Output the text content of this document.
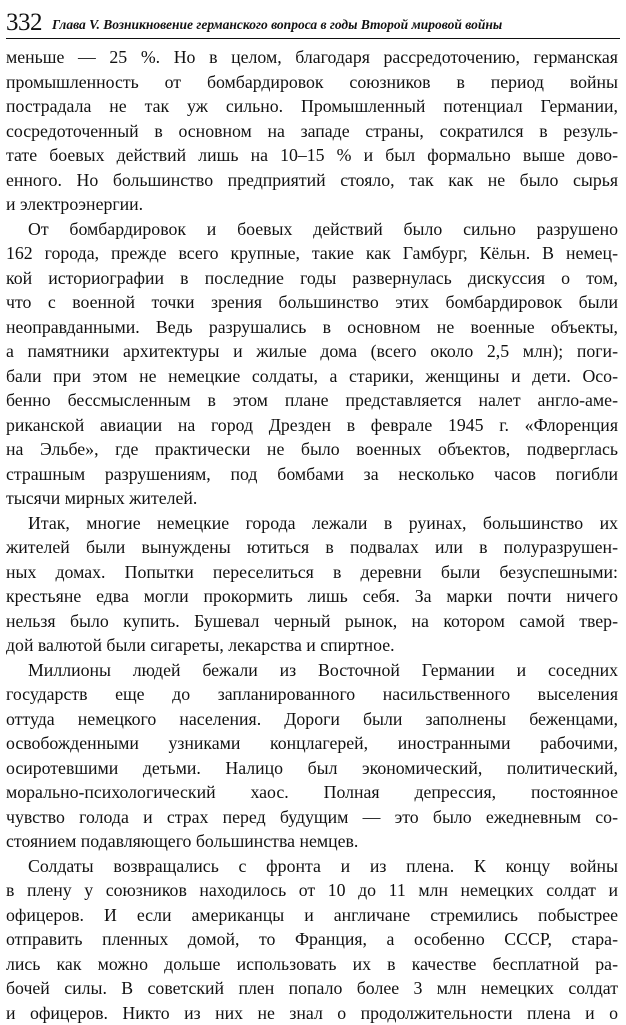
332 Глава V. Возникновение германского вопроса в годы Второй мировой войны
меньше — 25 %. Но в целом, благодаря рассредоточению, германская
промышленность от бомбардировок союзников в период войны
пострадала не так уж сильно. Промышленный потенциал Германии,
сосредоточенный в основном на западе страны, сократился в резуль-
тате боевых действий лишь на 10–15 % и был формально выше дово-
енного. Но большинство предприятий стояло, так как не было сырья
и электроэнергии.
От бомбардировок и боевых действий было сильно разрушено
162 города, прежде всего крупные, такие как Гамбург, Кёльн. В немец-
кой историографии в последние годы развернулась дискуссия о том,
что с военной точки зрения большинство этих бомбардировок были
неоправданными. Ведь разрушались в основном не военные объекты,
а памятники архитектуры и жилые дома (всего около 2,5 млн); поги-
бали при этом не немецкие солдаты, а старики, женщины и дети. Осо-
бенно бессмысленным в этом плане представляется налет англо-аме-
риканской авиации на город Дрезден в феврале 1945 г. «Флоренция
на Эльбе», где практически не было военных объектов, подверглась
страшным разрушениям, под бомбами за несколько часов погибли
тысячи мирных жителей.
Итак, многие немецкие города лежали в руинах, большинство их
жителей были вынуждены ютиться в подвалах или в полуразрушен-
ных домах. Попытки переселиться в деревни были безуспешными:
крестьяне едва могли прокормить лишь себя. За марки почти ничего
нельзя было купить. Бушевал черный рынок, на котором самой твер-
дой валютой были сигареты, лекарства и спиртное.
Миллионы людей бежали из Восточной Германии и соседних
государств еще до запланированного насильственного выселения
оттуда немецкого населения. Дороги были заполнены беженцами,
освобожденными узниками концлагерей, иностранными рабочими,
осиротевшими детьми. Налицо был экономический, политический,
морально-психологический хаос. Полная депрессия, постоянное
чувство голода и страх перед будущим — это было ежедневным со-
стоянием подавляющего большинства немцев.
Солдаты возвращались с фронта и из плена. К концу войны
в плену у союзников находилось от 10 до 11 млн немецких солдат и
офицеров. И если американцы и англичане стремились побыстрее
отправить пленных домой, то Франция, а особенно СССР, стара-
лись как можно дольше использовать их в качестве бесплатной ра-
бочей силы. В советский плен попало более 3 млн немецких солдат
и офицеров. Никто из них не знал о продолжительности плена и о
